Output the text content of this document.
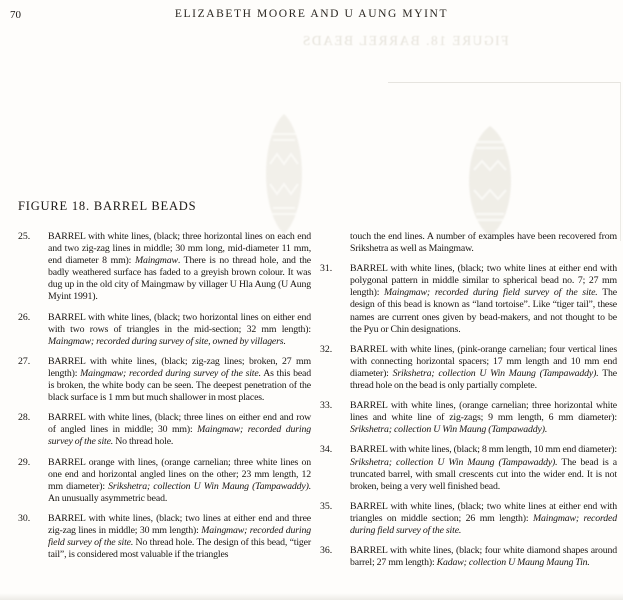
FIGURE 18. BARREL BEADS
70	ELIZABETH MOORE AND U AUNG MYINT
FIGURE 18. BARREL BEADS
25.	BARREL with white lines, (black; three horizontal lines on each end and two zig-zag lines in middle; 30 mm long, mid-diameter 11 mm, end diameter 8 mm): Maingmaw. There is no thread hole, and the badly weathered surface has faded to a greyish brown colour. It was dug up in the old city of Maingmaw by villager U Hla Aung (U Aung Myint 1991).
26.	BARREL with white lines, (black; two horizontal lines on either end with two rows of triangles in the mid-section; 32 mm length): Maingmaw; recorded during survey of site, owned by villagers.
27.	BARREL with white lines, (black; zig-zag lines; broken, 27 mm length): Maingmaw; recorded during survey of the site. As this bead is broken, the white body can be seen. The deepest penetration of the black surface is 1 mm but much shallower in most places.
28.	BARREL with white lines, (black; three lines on either end and row of angled lines in middle; 30 mm): Maingmaw; recorded during survey of the site. No thread hole.
29.	BARREL orange with lines, (orange carnelian; three white lines on one end and horizontal angled lines on the other; 23 mm length, 12 mm diameter): Srikshetra; collection U Win Maung (Tampawaddy). An unusually asymmetric bead.
30.	BARREL with white lines, (black; two lines at either end and three zig-zag lines in middle; 30 mm length): Maingmaw; recorded during field survey of the site. No thread hole. The design of this bead, “tiger tail”, is considered most valuable if the triangles
touch the end lines. A number of examples have been recovered from Srikshetra as well as Maingmaw.
31.	BARREL with white lines, (black; two white lines at either end with polygonal pattern in middle similar to spherical bead no. 7; 27 mm length): Maingmaw; recorded during field survey of the site. The design of this bead is known as “land tortoise”. Like “tiger tail”, these names are current ones given by bead-makers, and not thought to be the Pyu or Chin designations.
32.	BARREL with white lines, (pink-orange carnelian; four vertical lines with connecting horizontal spacers; 17 mm length and 10 mm end diameter): Srikshetra; collection U Win Maung (Tampawaddy). The thread hole on the bead is only partially complete.
33.	BARREL with white lines, (orange carnelian; three horizontal white lines and white line of zig-zags; 9 mm length, 6 mm diameter): Srikshetra; collection U Win Maung (Tampawaddy).
34.	BARREL with white lines, (black; 8 mm length, 10 mm end diameter): Srikshetra; collection U Win Maung (Tampawaddy). The bead is a truncated barrel, with small crescents cut into the wider end. It is not broken, being a very well finished bead.
35.	BARREL with white lines, (black; two white lines at either end with triangles on middle section; 26 mm length): Maingmaw; recorded during field survey of the site.
36.	BARREL with white lines, (black; four white diamond shapes around barrel; 27 mm length): Kadaw; collection U Maung Maung Tin.
